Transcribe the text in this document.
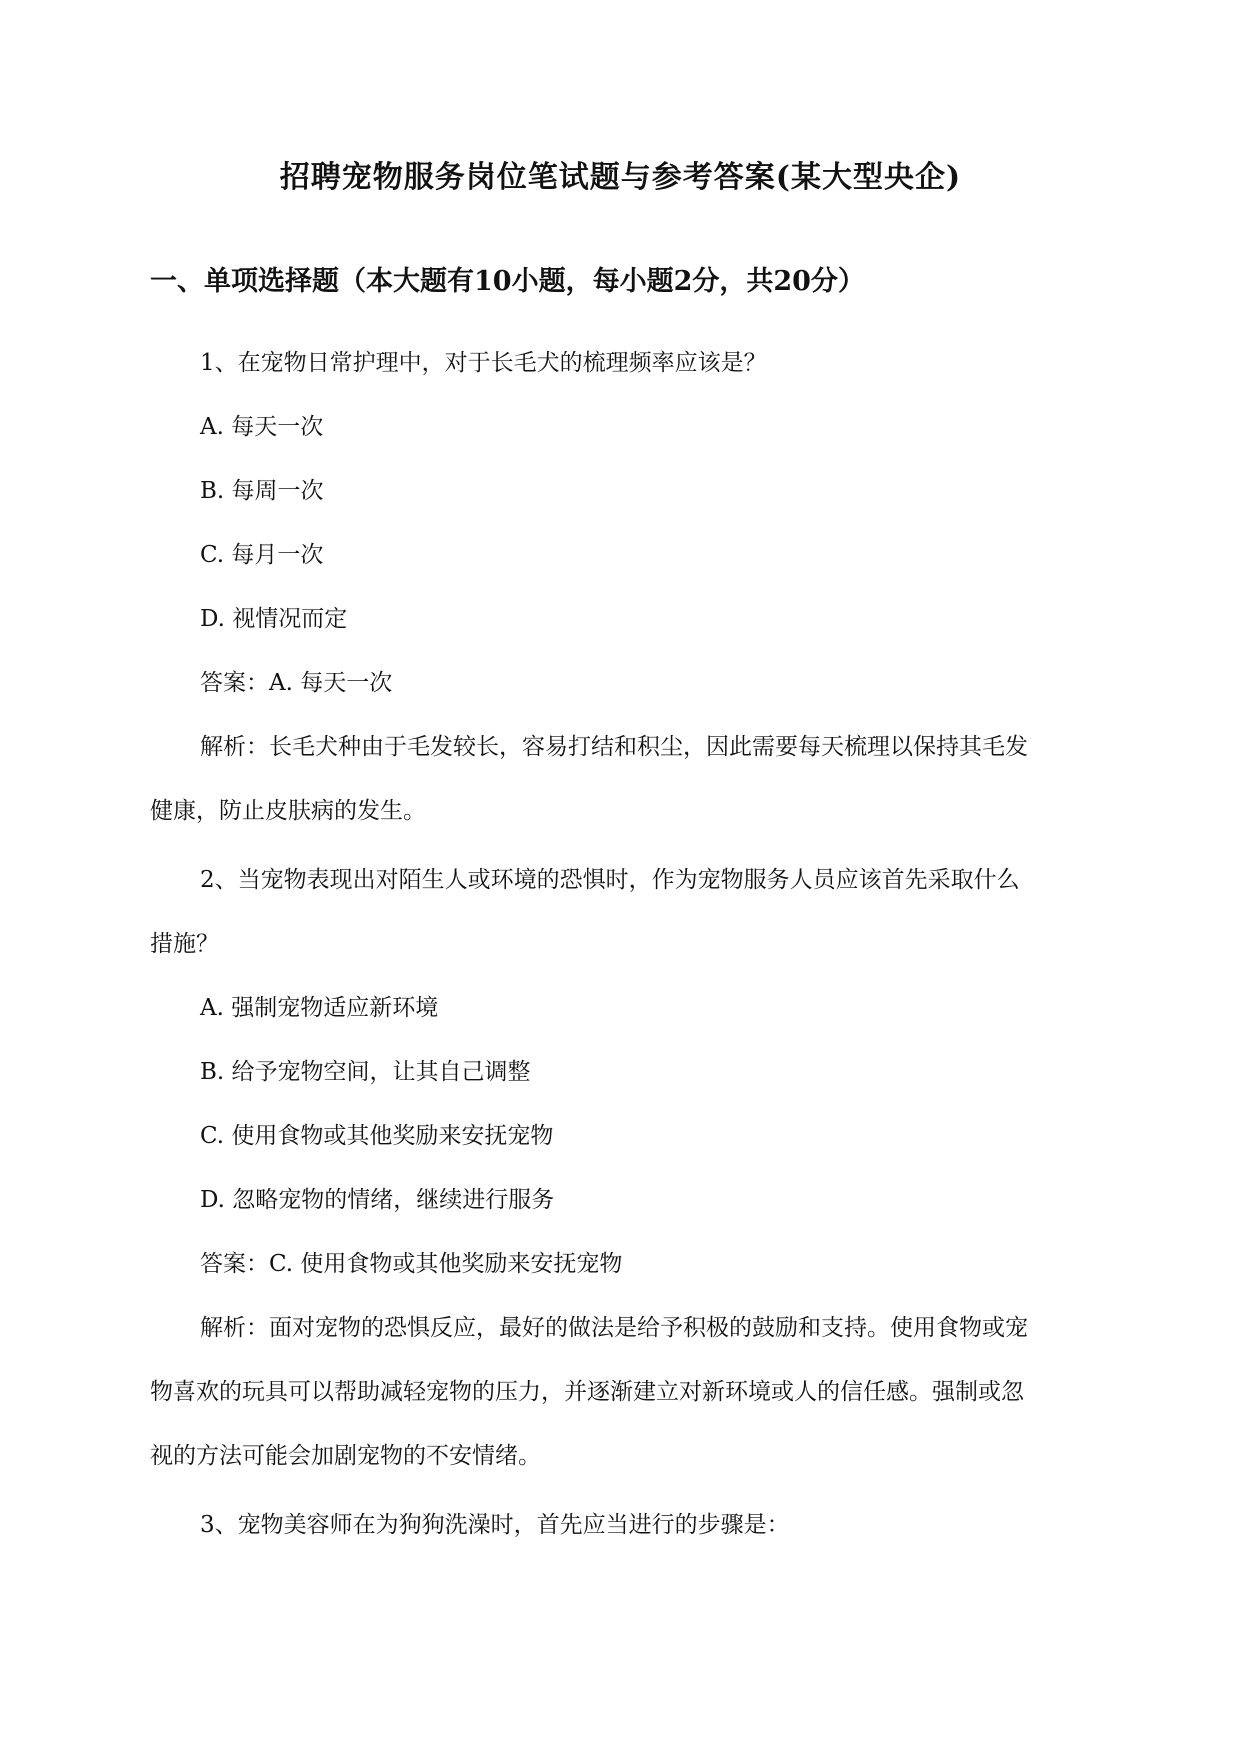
招聘宠物服务岗位笔试题与参考答案(某大型央企)
一、单项选择题（本大题有10小题，每小题2分，共20分）
1、在宠物日常护理中，对于长毛犬的梳理频率应该是？
A. 每天一次
B. 每周一次
C. 每月一次
D. 视情况而定
答案：A. 每天一次
解析：长毛犬种由于毛发较长，容易打结和积尘，因此需要每天梳理以保持其毛发
健康，防止皮肤病的发生。
2、当宠物表现出对陌生人或环境的恐惧时，作为宠物服务人员应该首先采取什么
措施？
A. 强制宠物适应新环境
B. 给予宠物空间，让其自己调整
C. 使用食物或其他奖励来安抚宠物
D. 忽略宠物的情绪，继续进行服务
答案：C. 使用食物或其他奖励来安抚宠物
解析：面对宠物的恐惧反应，最好的做法是给予积极的鼓励和支持。使用食物或宠
物喜欢的玩具可以帮助减轻宠物的压力，并逐渐建立对新环境或人的信任感。强制或忽
视的方法可能会加剧宠物的不安情绪。
3、宠物美容师在为狗狗洗澡时，首先应当进行的步骤是：
